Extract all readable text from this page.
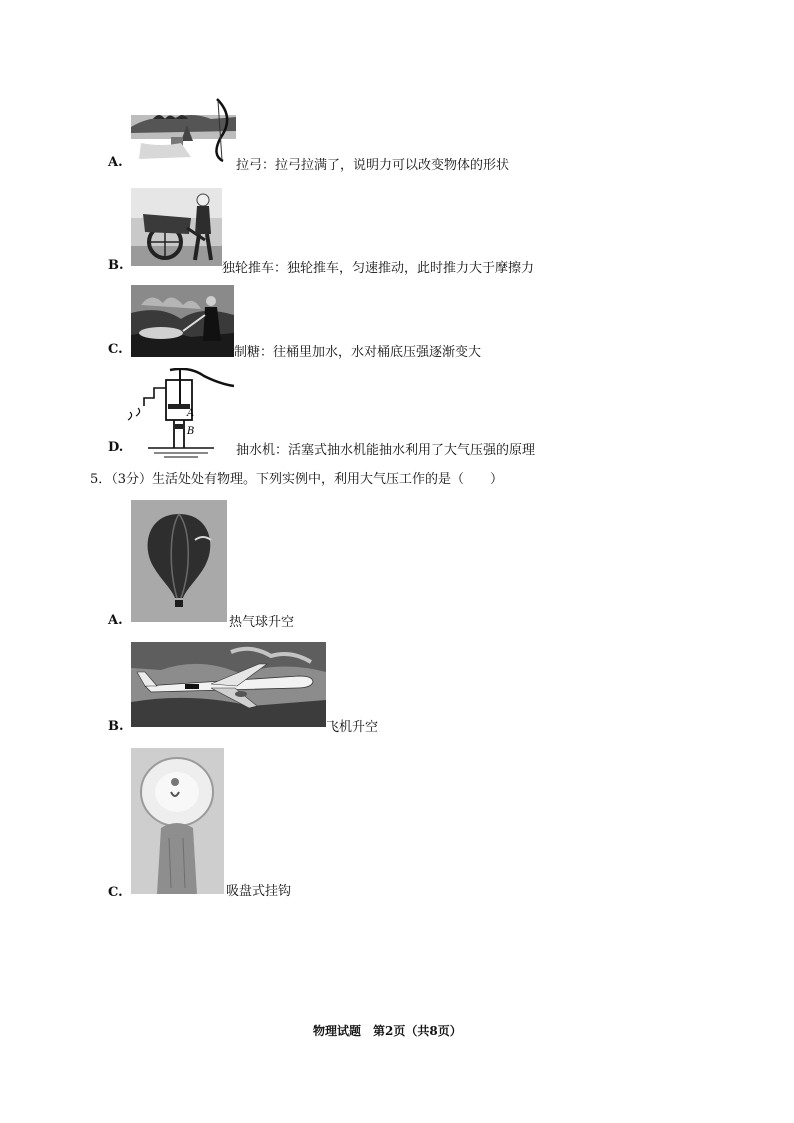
A.	拉弓：拉弓拉满了，说明力可以改变物体的形状
B.	独轮推车：独轮推车，匀速推动，此时推力大于摩擦力
C.	制糖：往桶里加水，水对桶底压强逐渐变大
A
B
D.	抽水机：活塞式抽水机能抽水利用了大气压强的原理
5．（3分）生活处处有物理。下列实例中，利用大气压工作的是（　　）
A.	热气球升空
B.	飞机升空
C.	吸盘式挂钩
物理试题　第2页（共8页）
